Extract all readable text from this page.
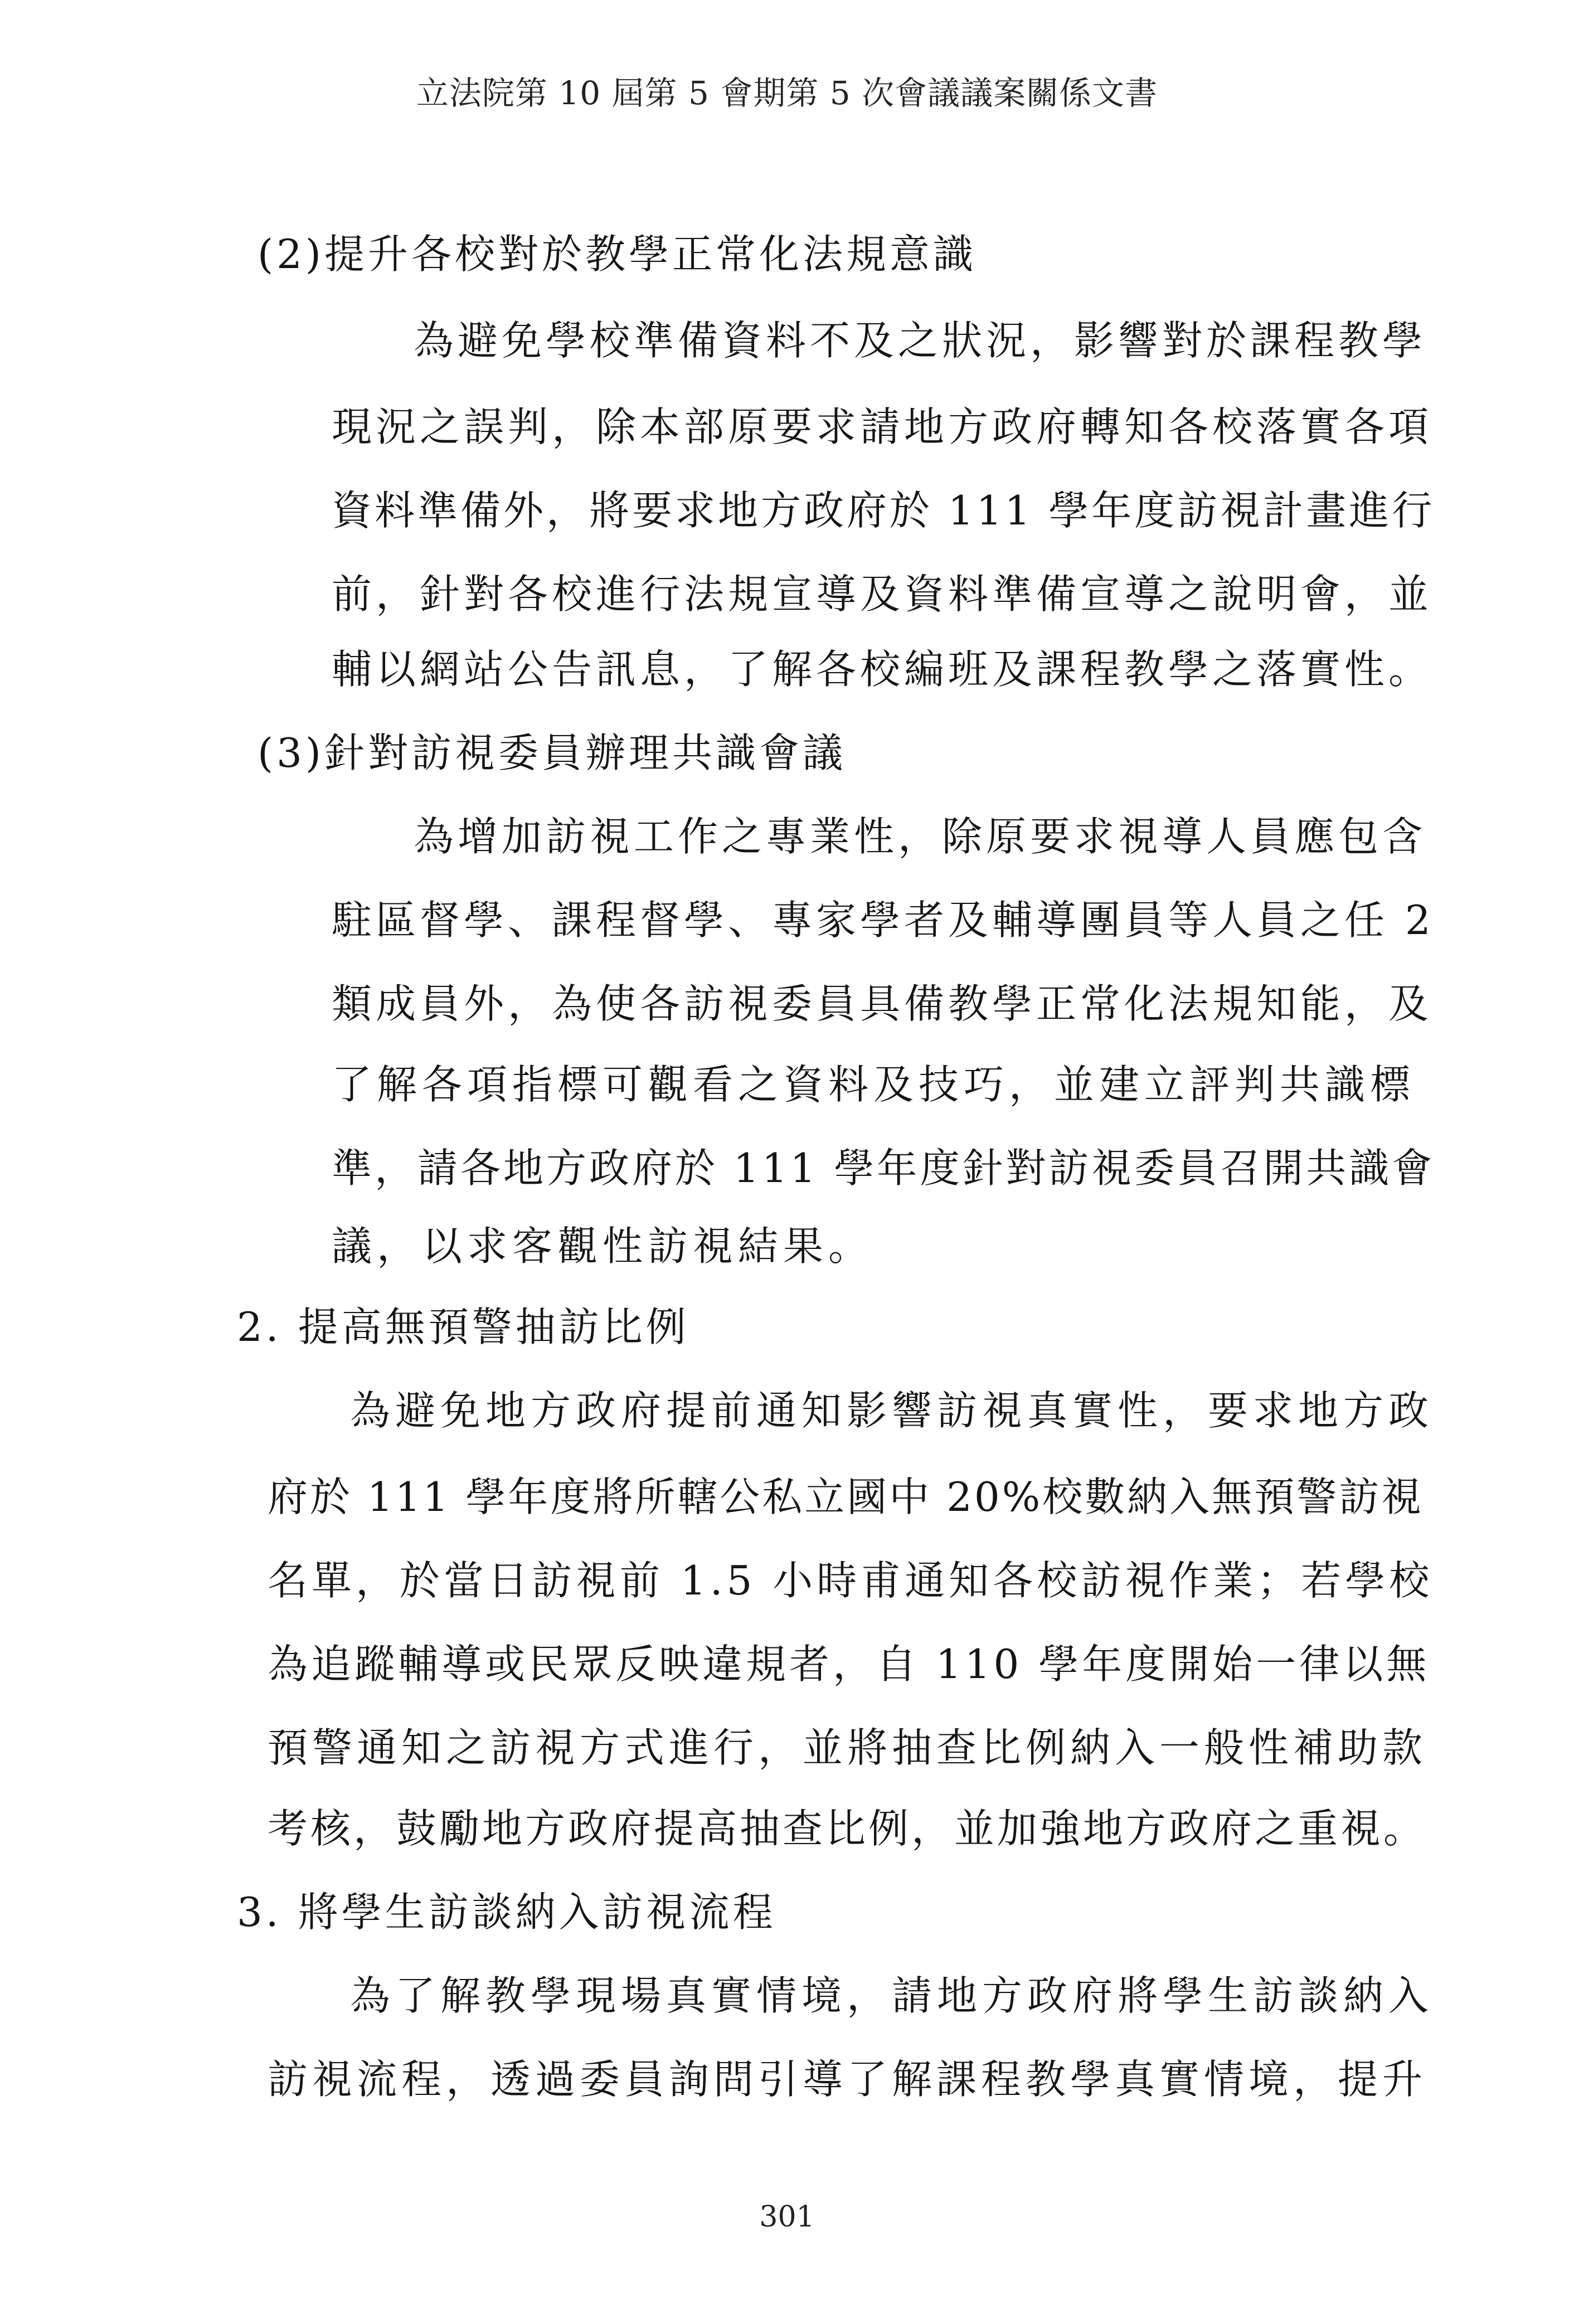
立法院第 10 屆第 5 會期第 5 次會議議案關係文書
(2)提升各校對於教學正常化法規意識
為避免學校準備資料不及之狀況，影響對於課程教學
現況之誤判，除本部原要求請地方政府轉知各校落實各項
資料準備外，將要求地方政府於 111 學年度訪視計畫進行
前，針對各校進行法規宣導及資料準備宣導之說明會，並
輔以網站公告訊息，了解各校編班及課程教學之落實性。
(3)針對訪視委員辦理共識會議
為增加訪視工作之專業性，除原要求視導人員應包含
駐區督學、課程督學、專家學者及輔導團員等人員之任 2
類成員外，為使各訪視委員具備教學正常化法規知能，及
了解各項指標可觀看之資料及技巧，並建立評判共識標
準，請各地方政府於 111 學年度針對訪視委員召開共識會
議，以求客觀性訪視結果。
2. 提高無預警抽訪比例
為避免地方政府提前通知影響訪視真實性，要求地方政
府於 111 學年度將所轄公私立國中 20%校數納入無預警訪視
名單，於當日訪視前 1.5 小時甫通知各校訪視作業；若學校
為追蹤輔導或民眾反映違規者，自 110 學年度開始一律以無
預警通知之訪視方式進行，並將抽查比例納入一般性補助款
考核，鼓勵地方政府提高抽查比例，並加強地方政府之重視。
3. 將學生訪談納入訪視流程
為了解教學現場真實情境，請地方政府將學生訪談納入
訪視流程，透過委員詢問引導了解課程教學真實情境，提升
301
